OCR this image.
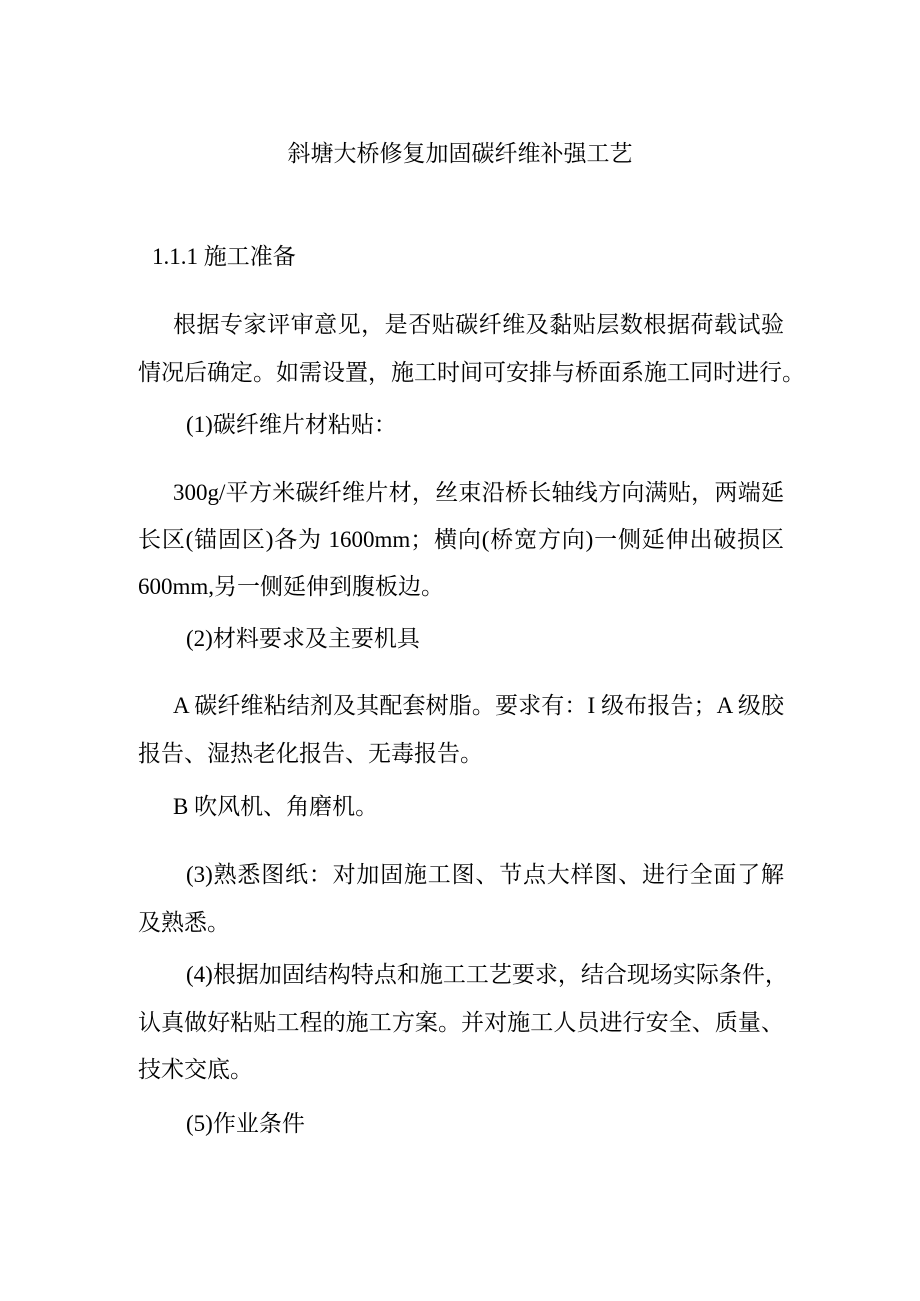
斜塘大桥修复加固碳纤维补强工艺
1.1.1 施工准备
根据专家评审意见，是否贴碳纤维及黏贴层数根据荷载试验
情况后确定。如需设置，施工时间可安排与桥面系施工同时进行。
(1)碳纤维片材粘贴：
300g/平方米碳纤维片材，丝束沿桥长轴线方向满贴，两端延
长区(锚固区)各为 1600mm；横向(桥宽方向)一侧延伸出破损区
600mm,另一侧延伸到腹板边。
(2)材料要求及主要机具
A 碳纤维粘结剂及其配套树脂。要求有：I 级布报告；A 级胶
报告、湿热老化报告、无毒报告。
B 吹风机、角磨机。
(3)熟悉图纸：对加固施工图、节点大样图、进行全面了解
及熟悉。
(4)根据加固结构特点和施工工艺要求，结合现场实际条件，
认真做好粘贴工程的施工方案。并对施工人员进行安全、质量、
技术交底。
(5)作业条件
